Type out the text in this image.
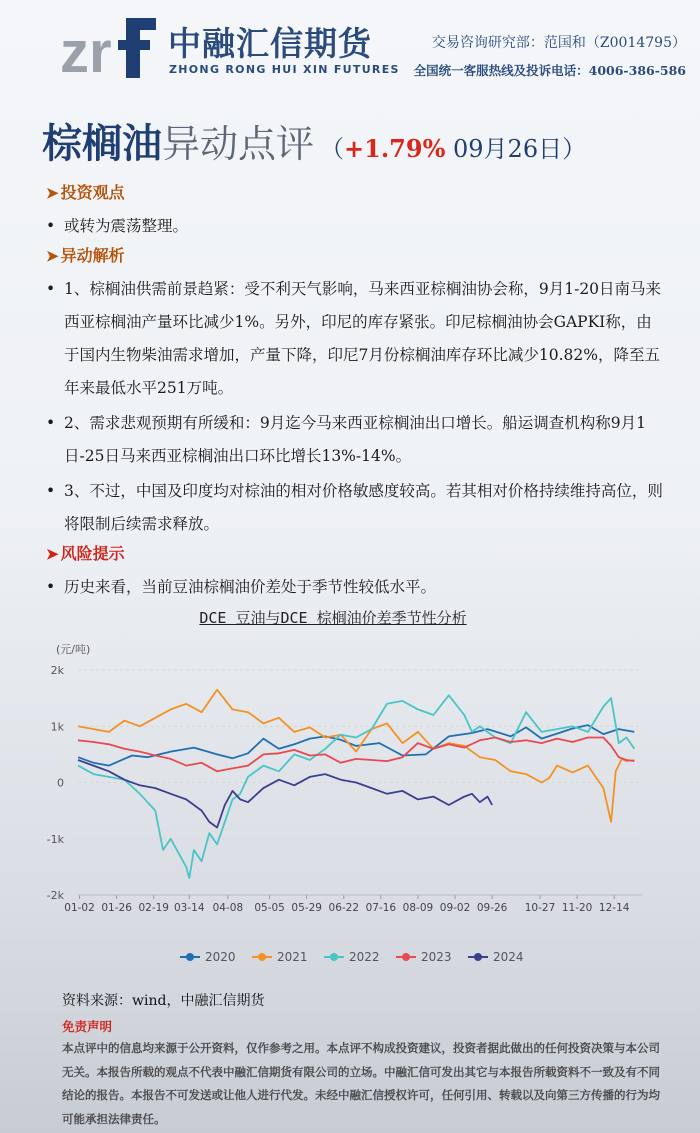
zr 中融汇信期货
ZHONG RONG HUI XIN FUTURES
交易咨询研究部：范国和（Z0014795）
全国统一客服热线及投诉电话：4006-386-586
棕榈油异动点评 （+1.79% 09月26日）
➤ 投资观点
• 或转为震荡整理。
➤ 异动解析
• 1、棕榈油供需前景趋紧：受不利天气影响，马来西亚棕榈油协会称，9月1-20日南马来西亚棕榈油产量环比减少1%。另外，印尼的库存紧张。印尼棕榈油协会GAPKI称，由于国内生物柴油需求增加，产量下降，印尼7月份棕榈油库存环比减少10.82%，降至五年来最低水平251万吨。
• 2、需求悲观预期有所缓和：9月迄今马来西亚棕榈油出口增长。船运调查机构称9月1日-25日马来西亚棕榈油出口环比增长13%-14%。
• 3、不过，中国及印度均对棕油的相对价格敏感度较高。若其相对价格持续维持高位，则将限制后续需求释放。
➤ 风险提示
• 历史来看，当前豆油棕榈油价差处于季节性较低水平。
DCE 豆油与DCE 棕榈油价差季节性分析
(元/吨)
-2k
-1k
0
1k
2k
01-02 01-26 02-19 03-14 04-08 05-05 05-29 06-22 07-16 08-09 09-02 09-26 10-27 11-20 12-14
2020	2021	2022	2023	2024
资料来源：wind，中融汇信期货
免责声明
本点评中的信息均来源于公开资料，仅作参考之用。本点评不构成投资建议，投资者据此做出的任何投资决策与本公司无关。本报告所载的观点不代表中融汇信期货有限公司的立场。中融汇信可发出其它与本报告所载资料不一致及有不同结论的报告。本报告不可发送或让他人进行代发。未经中融汇信授权许可，任何引用、转载以及向第三方传播的行为均可能承担法律责任。
